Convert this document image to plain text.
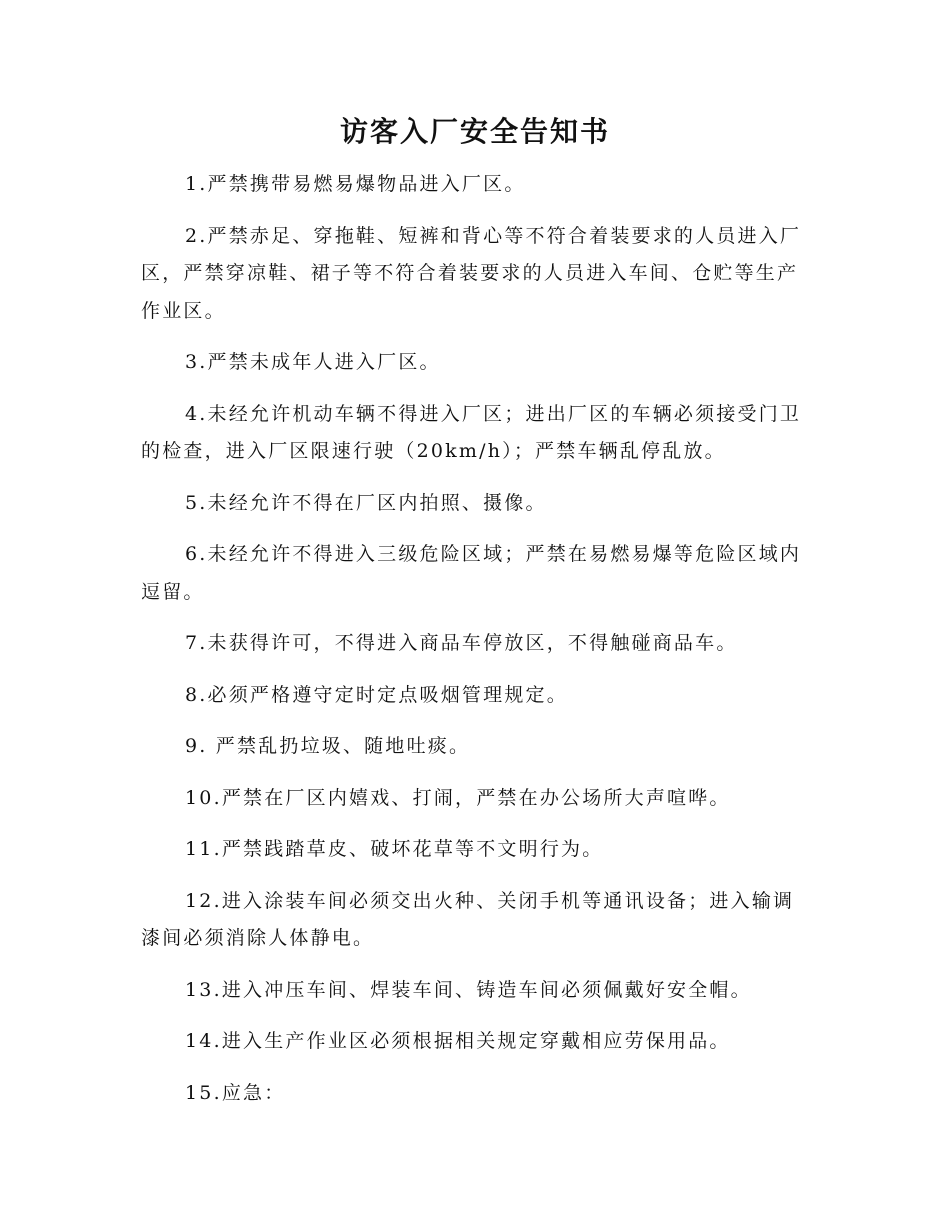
访客入厂安全告知书

1.严禁携带易燃易爆物品进入厂区。

2.严禁赤足、穿拖鞋、短裤和背心等不符合着装要求的人员进入厂区，严禁穿凉鞋、裙子等不符合着装要求的人员进入车间、仓贮等生产作业区。

3.严禁未成年人进入厂区。

4.未经允许机动车辆不得进入厂区；进出厂区的车辆必须接受门卫的检查，进入厂区限速行驶（20km/h）；严禁车辆乱停乱放。

5.未经允许不得在厂区内拍照、摄像。

6.未经允许不得进入三级危险区域；严禁在易燃易爆等危险区域内逗留。

7.未获得许可，不得进入商品车停放区，不得触碰商品车。

8.必须严格遵守定时定点吸烟管理规定。

9. 严禁乱扔垃圾、随地吐痰。

10.严禁在厂区内嬉戏、打闹，严禁在办公场所大声喧哗。

11.严禁践踏草皮、破坏花草等不文明行为。

12.进入涂装车间必须交出火种、关闭手机等通讯设备；进入输调漆间必须消除人体静电。

13.进入冲压车间、焊装车间、铸造车间必须佩戴好安全帽。

14.进入生产作业区必须根据相关规定穿戴相应劳保用品。

15.应急：
